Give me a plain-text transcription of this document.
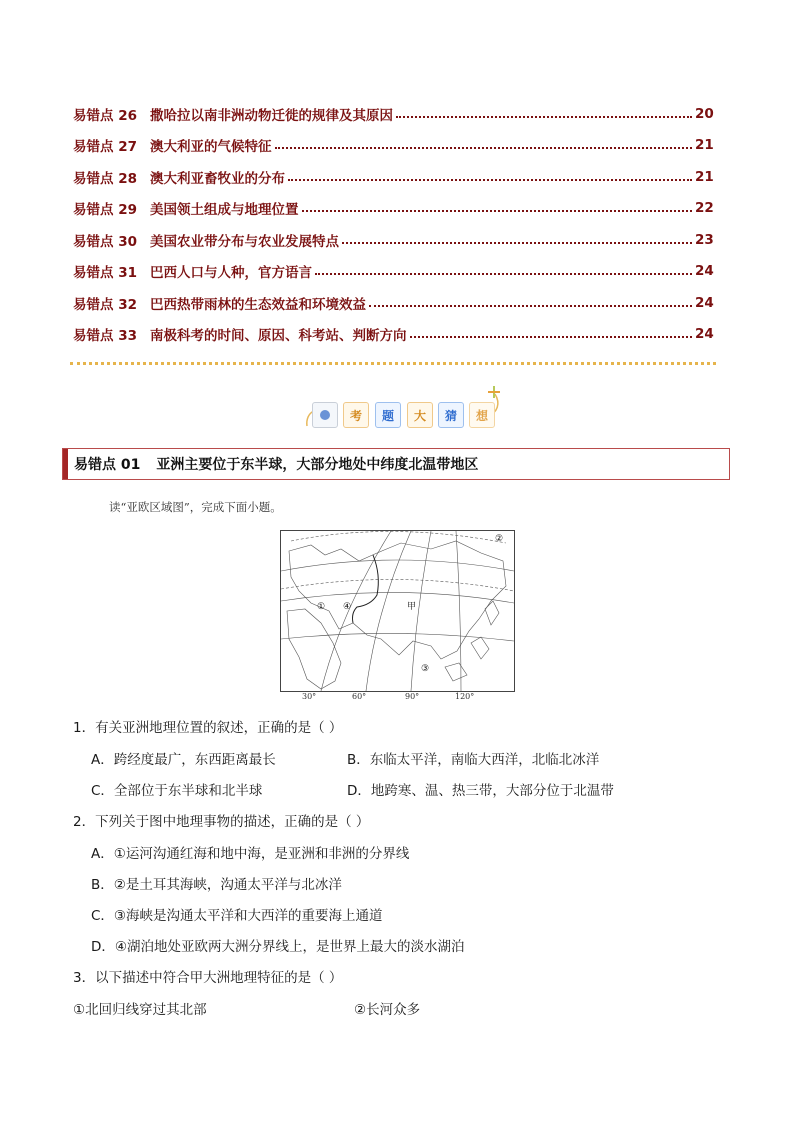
易错点 26 撒哈拉以南非洲动物迁徙的规律及其原因	20
易错点 27 澳大利亚的气候特征	21
易错点 28 澳大利亚畜牧业的分布	21
易错点 29 美国领土组成与地理位置	22
易错点 30 美国农业带分布与农业发展特点	23
易错点 31 巴西人口与人种，官方语言	24
易错点 32 巴西热带雨林的生态效益和环境效益	24
易错点 33 南极科考的时间、原因、科考站、判断方向	24
考	题	大	猜	想
易错点 01 亚洲主要位于东半球，大部分地处中纬度北温带地区
读“亚欧区域图”，完成下面小题。
① ④
②
③
甲
30°	60°	90°	120°
1．有关亚洲地理位置的叙述，正确的是（ ）
A．跨经度最广，东西距离最长	B．东临太平洋，南临大西洋，北临北冰洋
C．全部位于东半球和北半球	D．地跨寒、温、热三带，大部分位于北温带
2．下列关于图中地理事物的描述，正确的是（ ）
A．①运河沟通红海和地中海，是亚洲和非洲的分界线
B．②是土耳其海峡，沟通太平洋与北冰洋
C．③海峡是沟通太平洋和大西洋的重要海上通道
D．④湖泊地处亚欧两大洲分界线上，是世界上最大的淡水湖泊
3．以下描述中符合甲大洲地理特征的是（ ）
①北回归线穿过其北部	②长河众多
